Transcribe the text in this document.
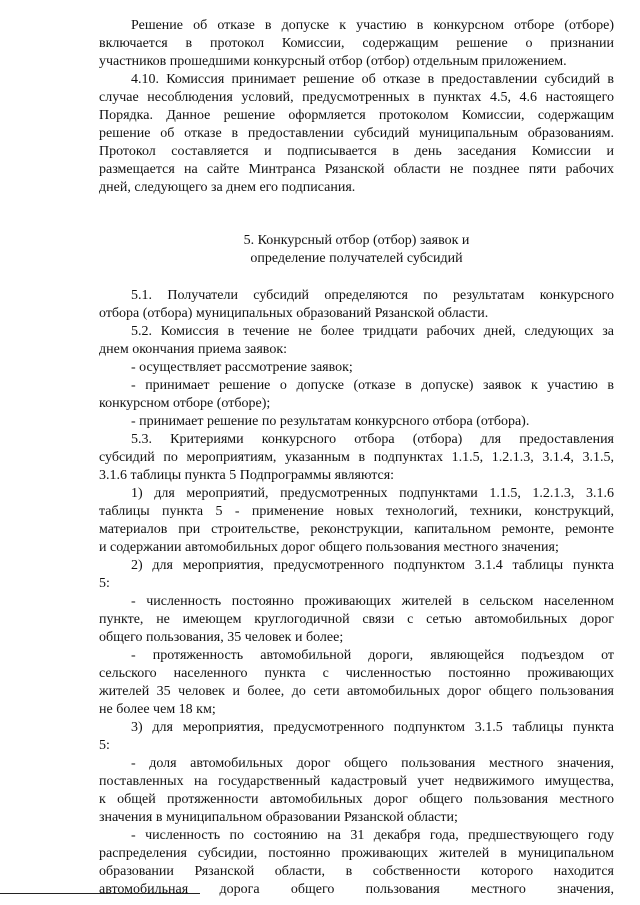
Решение об отказе в допуске к участию в конкурсном отборе (отборе)
включается в протокол Комиссии, содержащим решение о признании
участников прошедшими конкурсный отбор (отбор) отдельным приложением.
4.10. Комиссия принимает решение об отказе в предоставлении субсидий в
случае несоблюдения условий, предусмотренных в пунктах 4.5, 4.6 настоящего
Порядка. Данное решение оформляется протоколом Комиссии, содержащим
решение об отказе в предоставлении субсидий муниципальным образованиям.
Протокол составляется и подписывается в день заседания Комиссии и
размещается на сайте Минтранса Рязанской области не позднее пяти рабочих
дней, следующего за днем его подписания.
5. Конкурсный отбор (отбор) заявок и
определение получателей субсидий
5.1. Получатели субсидий определяются по результатам конкурсного
отбора (отбора) муниципальных образований Рязанской области.
5.2. Комиссия в течение не более тридцати рабочих дней, следующих за
днем окончания приема заявок:
- осуществляет рассмотрение заявок;
- принимает решение о допуске (отказе в допуске) заявок к участию в
конкурсном отборе (отборе);
- принимает решение по результатам конкурсного отбора (отбора).
5.3. Критериями конкурсного отбора (отбора) для предоставления
субсидий по мероприятиям, указанным в подпунктах 1.1.5, 1.2.1.3, 3.1.4, 3.1.5,
3.1.6 таблицы пункта 5 Подпрограммы являются:
1) для мероприятий, предусмотренных подпунктами 1.1.5, 1.2.1.3, 3.1.6
таблицы пункта 5 - применение новых технологий, техники, конструкций,
материалов при строительстве, реконструкции, капитальном ремонте, ремонте
и содержании автомобильных дорог общего пользования местного значения;
2) для мероприятия, предусмотренного подпунктом 3.1.4 таблицы пункта
5:
- численность постоянно проживающих жителей в сельском населенном
пункте, не имеющем круглогодичной связи с сетью автомобильных дорог
общего пользования, 35 человек и более;
- протяженность автомобильной дороги, являющейся подъездом от
сельского населенного пункта с численностью постоянно проживающих
жителей 35 человек и более, до сети автомобильных дорог общего пользования
не более чем 18 км;
3) для мероприятия, предусмотренного подпунктом 3.1.5 таблицы пункта
5:
- доля автомобильных дорог общего пользования местного значения,
поставленных на государственный кадастровый учет недвижимого имущества,
к общей протяженности автомобильных дорог общего пользования местного
значения в муниципальном образовании Рязанской области;
- численность по состоянию на 31 декабря года, предшествующего году
распределения субсидии, постоянно проживающих жителей в муниципальном
образовании Рязанской области, в собственности которого находится
автомобильная дорога общего пользования местного значения,
